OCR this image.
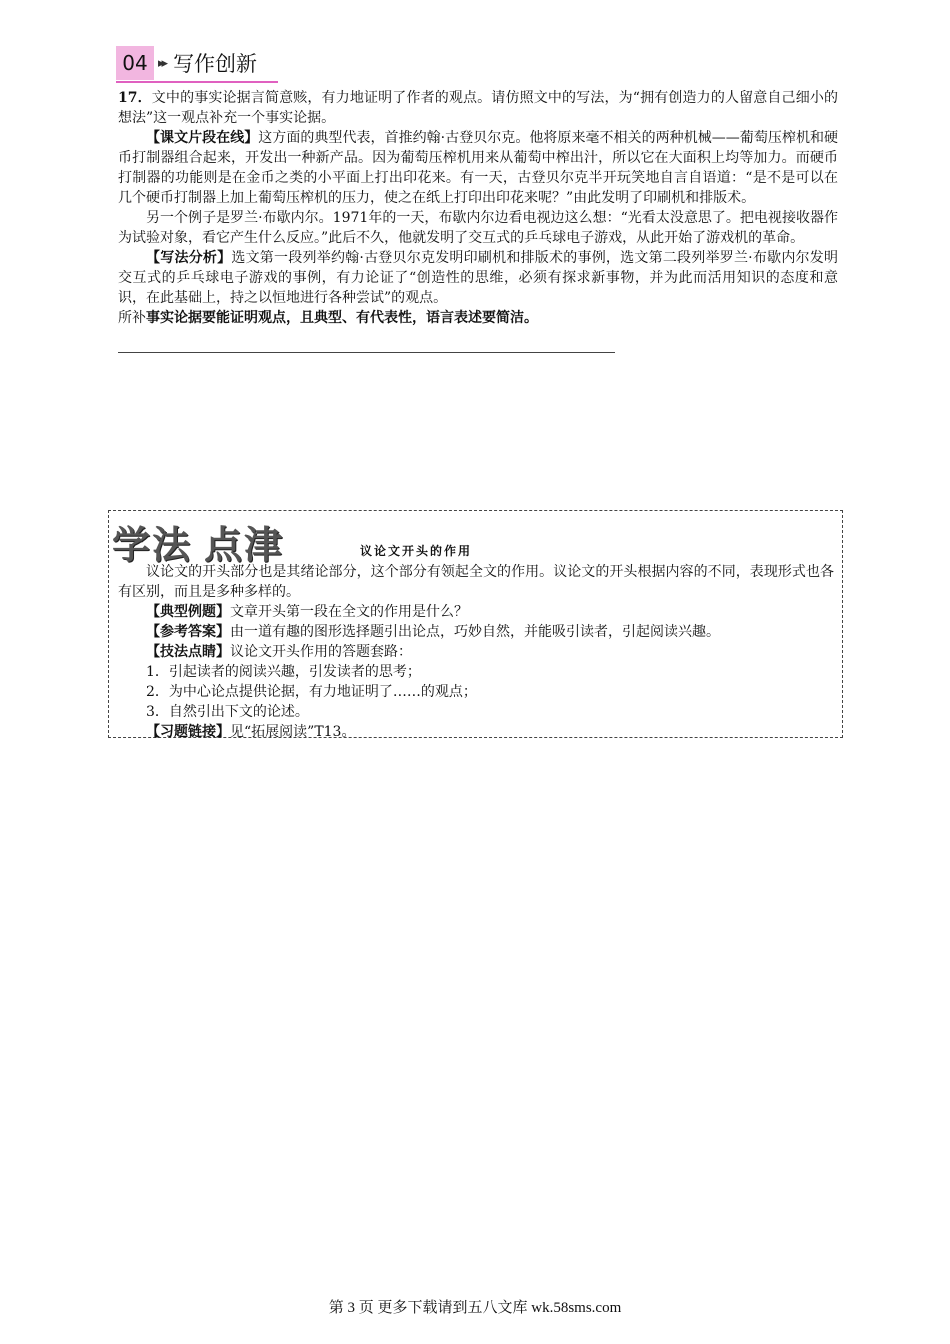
04 ▸▸ 写作创新

17．文中的事实论据言简意赅，有力地证明了作者的观点。请仿照文中的写法，为“拥有创造力的人留意自己细小的想法”这一观点补充一个事实论据。

【课文片段在线】这方面的典型代表，首推约翰·古登贝尔克。他将原来毫不相关的两种机械——葡萄压榨机和硬币打制器组合起来，开发出一种新产品。因为葡萄压榨机用来从葡萄中榨出汁，所以它在大面积上均等加力。而硬币打制器的功能则是在金币之类的小平面上打出印花来。有一天，古登贝尔克半开玩笑地自言自语道：“是不是可以在几个硬币打制器上加上葡萄压榨机的压力，使之在纸上打印出印花来呢？”由此发明了印刷机和排版术。

另一个例子是罗兰·布歇内尔。1971年的一天，布歇内尔边看电视边这么想：“光看太没意思了。把电视接收器作为试验对象，看它产生什么反应。”此后不久，他就发明了交互式的乒乓球电子游戏，从此开始了游戏机的革命。

【写法分析】选文第一段列举约翰·古登贝尔克发明印刷机和排版术的事例，选文第二段列举罗兰·布歇内尔发明交互式的乒乓球电子游戏的事例，有力论证了“创造性的思维，必须有探求新事物，并为此而活用知识的态度和意识，在此基础上，持之以恒地进行各种尝试”的观点。

所补事实论据要能证明观点，且典型、有代表性，语言表述要简洁。

学法 点津	议论文开头的作用

议论文的开头部分也是其绪论部分，这个部分有领起全文的作用。议论文的开头根据内容的不同，表现形式也各有区别，而且是多种多样的。

【典型例题】文章开头第一段在全文的作用是什么？

【参考答案】由一道有趣的图形选择题引出论点，巧妙自然，并能吸引读者，引起阅读兴趣。

【技法点睛】议论文开头作用的答题套路：

1．引起读者的阅读兴趣，引发读者的思考；

2．为中心论点提供论据，有力地证明了……的观点；

3．自然引出下文的论述。

【习题链接】见“拓展阅读”T13。

第 3 页 更多下载请到五八文库 wk.58sms.com
